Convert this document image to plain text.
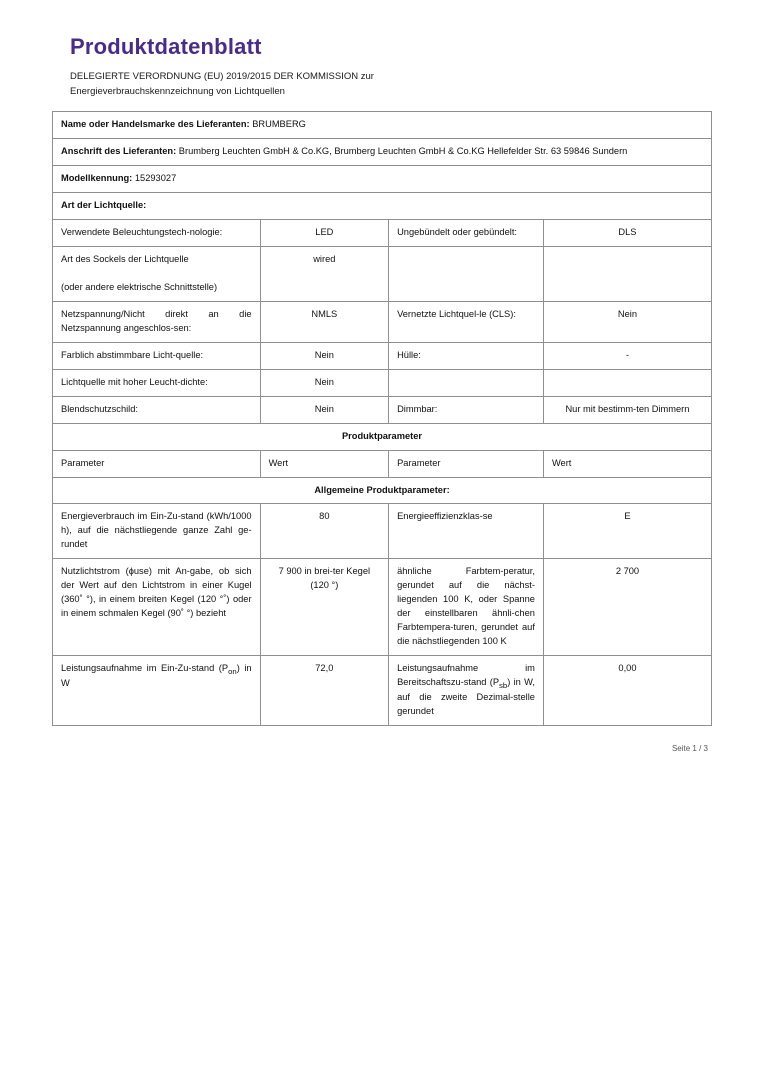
Produktdatenblatt

DELEGIERTE VERORDNUNG (EU) 2019/2015 DER KOMMISSION zur
Energieverbrauchskennzeichnung von Lichtquellen

Name oder Handelsmarke des Lieferanten: BRUMBERG			
Anschrift des Lieferanten: Brumberg Leuchten GmbH & Co.KG, Brumberg Leuchten GmbH & Co.KG Hellefelder Str. 63 59846 Sundern			
Modellkennung: 15293027			
Art der Lichtquelle:			
Verwendete Beleuchtungstech-nologie:	LED	Ungebündelt oder gebündelt:	DLS
Art des Sockels der Lichtquelle

(oder andere elektrische Schnittstelle)	wired		
Netzspannung/Nicht direkt an die Netzspannung angeschlos-sen:	NMLS	Vernetzte Lichtquel-le (CLS):	Nein
Farblich abstimmbare Licht-quelle:	Nein	Hülle:	-
Lichtquelle mit hoher Leucht-dichte:	Nein		
Blendschutzschild:	Nein	Dimmbar:	Nur mit bestimm-ten Dimmern
Produktparameter			
Parameter	Wert	Parameter	Wert
Allgemeine Produktparameter:			
Energieverbrauch im Ein-Zu-stand (kWh/1000 h), auf die nächstliegende ganze Zahl ge-rundet	80	Energieeffizienzklas-se	E
Nutzlichtstrom (ɸuse) mit An-gabe, ob sich der Wert auf den Lichtstrom in einer Kugel (360˚ °), in einem breiten Kegel (120 °˚) oder in einem schmalen Kegel (90˚ °) bezieht	7 900 in brei-ter Kegel (120 °)	ähnliche Farbtem-peratur, gerundet auf die nächst-liegenden 100 K, oder Spanne der einstellbaren ähnli-chen Farbtempera-turen, gerundet auf die nächstliegenden 100 K	2 700
Leistungsaufnahme im Ein-Zu-stand $(P_{on})$ in W	72,0	Leistungsaufnahme im Bereitschaftszu-stand $(P_{sb})$ in W, auf die zweite Dezimal-stelle gerundet	0,00
Seite 1 / 3
